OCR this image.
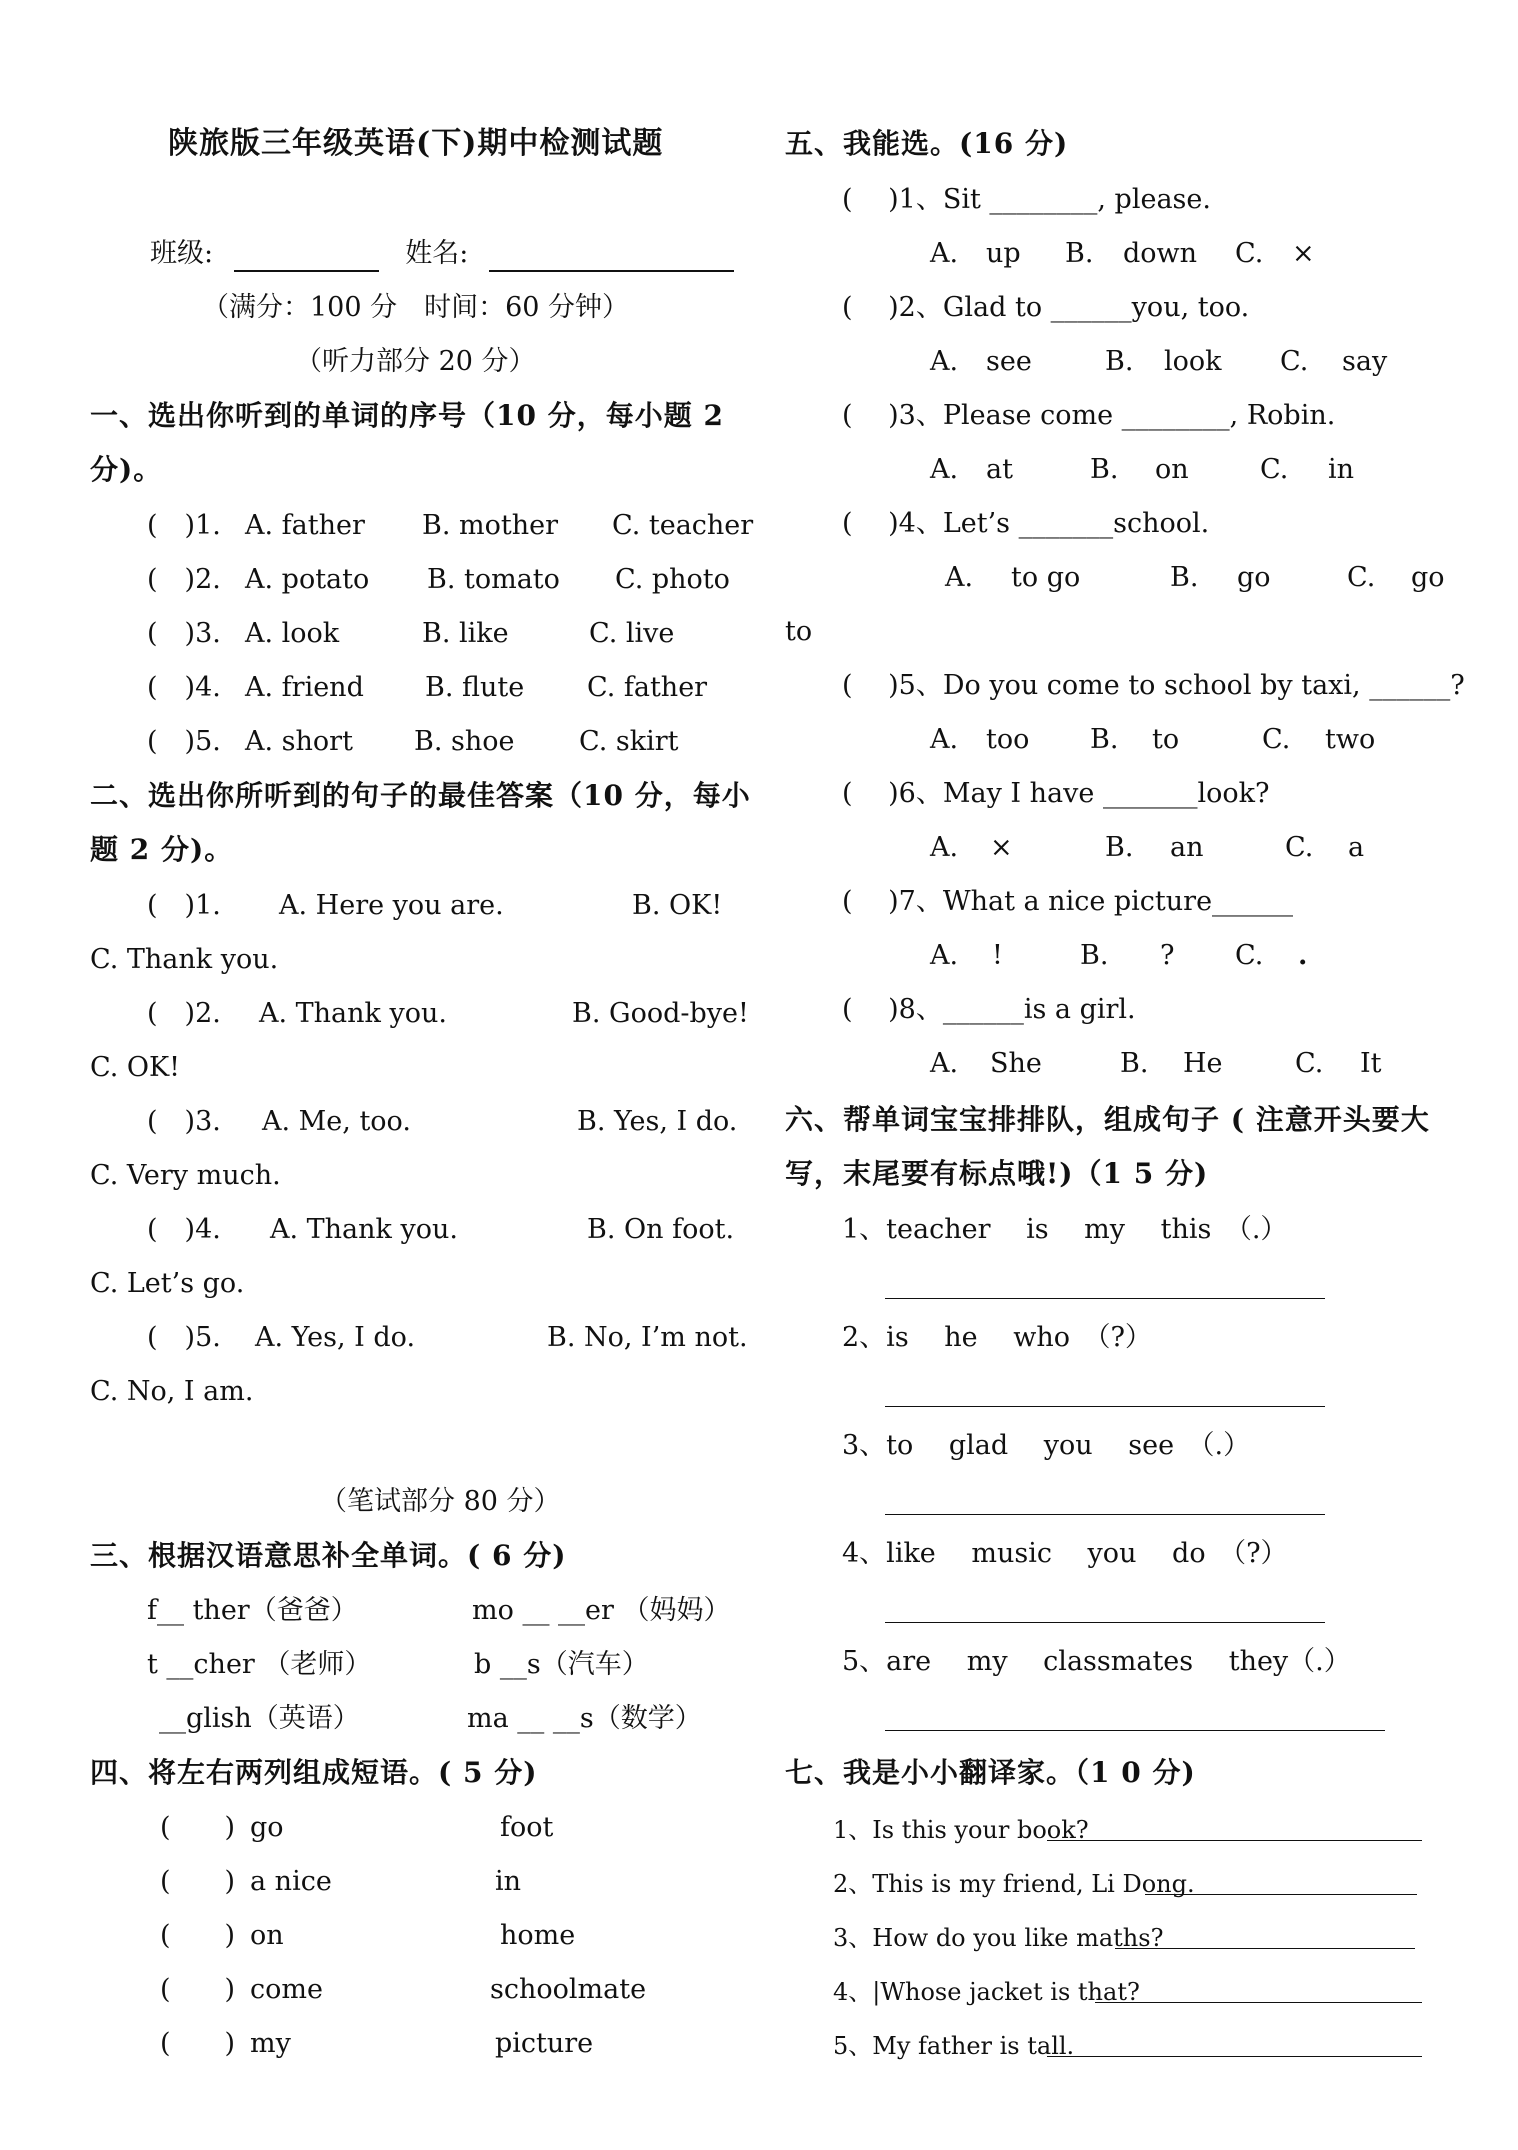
陕旅版三年级英语(下)期中检测试题
班级:	姓名:
（满分：100 分　时间：60 分钟）
（听力部分 20 分）
一、选出你听到的单词的序号（10 分，每小题 2
分)。
(　)1. A. father B. mother C. teacher
(　)2. A. potato B. tomato C. photo
(　)3. A. look	B. like	C. live
(　)4. A. friend B. flute C. father
(　)5. A. short B. shoe C. skirt
二、选出你所听到的句子的最佳答案（10 分，每小
题 2 分)。
(　)1. A. Here you are.	B. OK!
C. Thank you.
(　)2. A. Thank you.	B. Good-bye!
C. OK!
(　)3. A. Me, too.	B. Yes, I do.
C. Very much.
(　)4. A. Thank you.	B. On foot.
C. Let’s go.
(　)5. A. Yes, I do.	B. No, I’m not.
C. No, I am.
（笔试部分 80 分）
三、根据汉语意思补全单词。( 6 分)
f__ ther（爸爸）	mo __ __er （妈妈）
t __cher （老师）	b __s（汽车）
__glish（英语）	ma __ __s（数学）
四、将左右两列组成短语。( 5 分)
(　　) go	foot
(　　) a nice	in
(　　) on	home
(　　) come	schoolmate
(　　) my	picture
五、我能选。(16 分)
(　 )1、Sit ________, please.
A. up B. down C. ×
(　 )2、Glad to ______you, too.
A. see	B. look C. say
(　 )3、Please come ________, Robin.
A. at	B. on	C. in
(　 )4、Let’s _______school.
A. to go	B. go	C. go
to
(　 )5、Do you come to school by taxi, ______?
A. too B. to	C. two
(　 )6、May I have _______look?
A. ×	B. an	C. a
(　 )7、What a nice picture______
A. !	B. ? C. .
(　 )8、______is a girl.
A. She	B. He	C. It
六、帮单词宝宝排排队，组成句子 ( 注意开头要大
写，末尾要有标点哦!)（1 5 分)
1、teacher　 is　 my　 this　（.）
2、is　 he　 who　（?）
3、to　 glad　 you　 see　（.）
4、like　 music　 you　 do　（?）
5、are　 my　 classmates　 they（.）
七、我是小小翻译家。（1 0 分)
1、Is this your book?
2、This is my friend, Li Dong.
3、How do you like maths?
4、|Whose jacket is that?
5、My father is tall.
